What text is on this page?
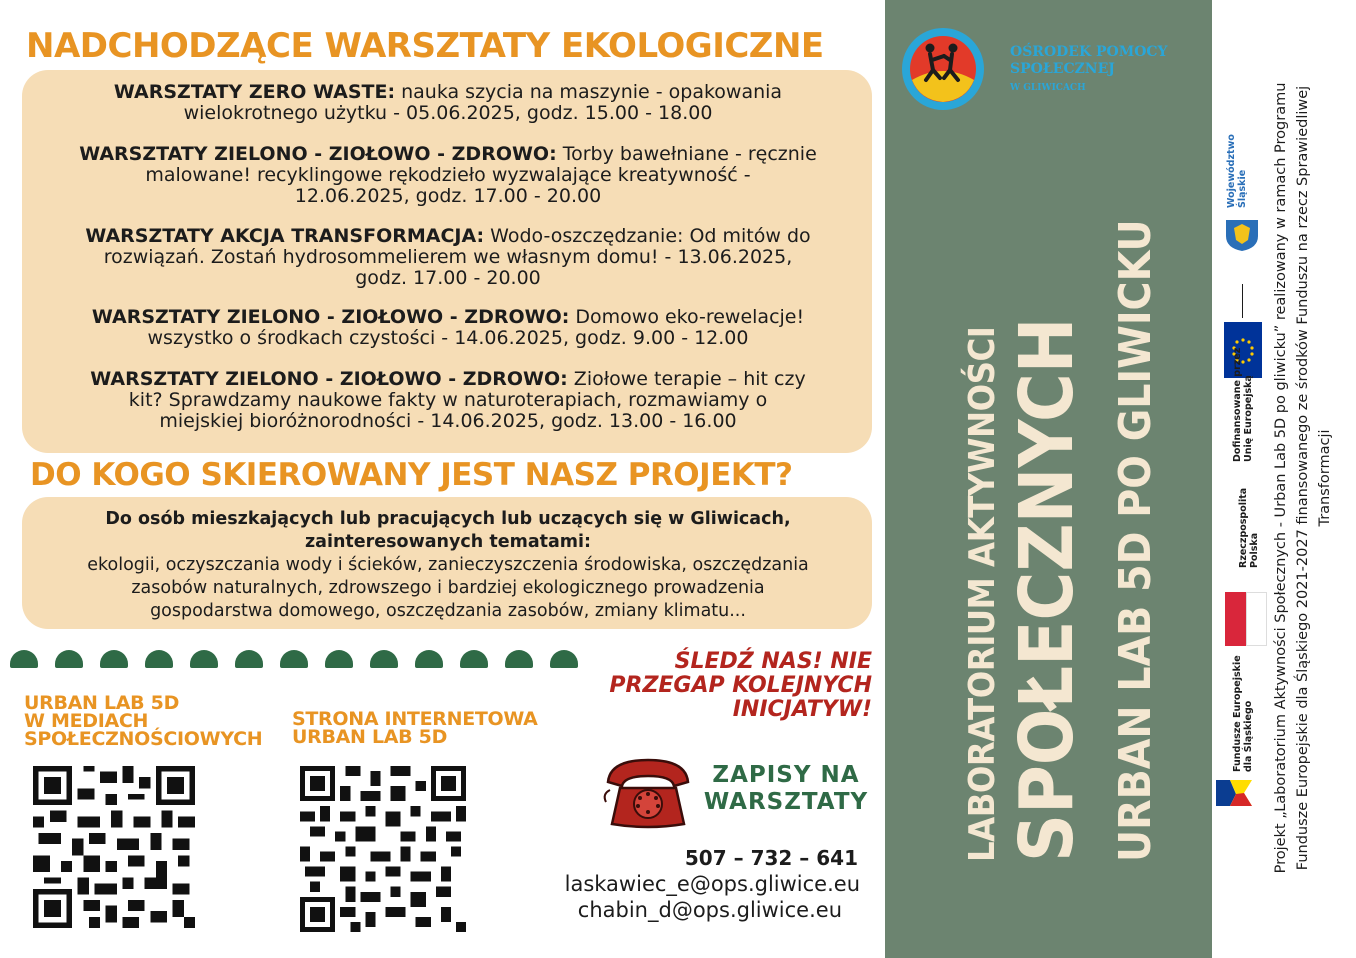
NADCHODZĄCE WARSZTATY EKOLOGICZNE
WARSZTATY ZERO WASTE: nauka szycia na maszynie - opakowania
wielokrotnego użytku - 05.06.2025, godz. 15.00 - 18.00
WARSZTATY ZIELONO - ZIOŁOWO - ZDROWO: Torby bawełniane - ręcznie
malowane! recyklingowe rękodzieło wyzwalające kreatywność -
12.06.2025, godz. 17.00 - 20.00
WARSZTATY AKCJA TRANSFORMACJA: Wodo-oszczędzanie: Od mitów do
rozwiązań. Zostań hydrosommelierem we własnym domu! - 13.06.2025,
godz. 17.00 - 20.00
WARSZTATY ZIELONO - ZIOŁOWO - ZDROWO: Domowo eko-rewelacje!
wszystko o środkach czystości - 14.06.2025, godz. 9.00 - 12.00
WARSZTATY ZIELONO - ZIOŁOWO - ZDROWO: Ziołowe terapie – hit czy
kit? Sprawdzamy naukowe fakty w naturoterapiach, rozmawiamy o
miejskiej bioróżnorodności - 14.06.2025, godz. 13.00 - 16.00
DO KOGO SKIEROWANY JEST NASZ PROJEKT?
Do osób mieszkających lub pracujących lub uczących się w Gliwicach,
zainteresowanych tematami:
ekologii, oczyszczania wody i ścieków, zanieczyszczenia środowiska, oszczędzania
zasobów naturalnych, zdrowszego i bardziej ekologicznego prowadzenia
gospodarstwa domowego, oszczędzania zasobów, zmiany klimatu...
URBAN LAB 5D
W MEDIACH
SPOŁECZNOŚCIOWYCH
STRONA INTERNETOWA
URBAN LAB 5D
ŚLEDŹ NAS! NIE
PRZEGAP KOLEJNYCH
INICJATYW!
ZAPISY NA
WARSZTATY
507 – 732 – 641
laskawiec_e@ops.gliwice.eu
chabin_d@ops.gliwice.eu
OŚRODEK POMOCY
SPOŁECZNEJ
W GLIWICACH
LABORATORIUM AKTYWNOŚCI SPOŁECZNYCH URBAN LAB 5D PO GLIWICKU	Fundusze Europejskie
dla Śląskiego
Rzeczpospolita
Polska
Dofinansowane przez
Unię Europejską
Województwo
Śląskie Projekt „Laboratorium Aktywności Społecznych - Urban Lab 5D po gliwicku” realizowany w ramach Programu Fundusze Europejskie dla Śląskiego 2021-2027 finansowanego ze środków Funduszu na rzecz Sprawiedliwej Transformacji
